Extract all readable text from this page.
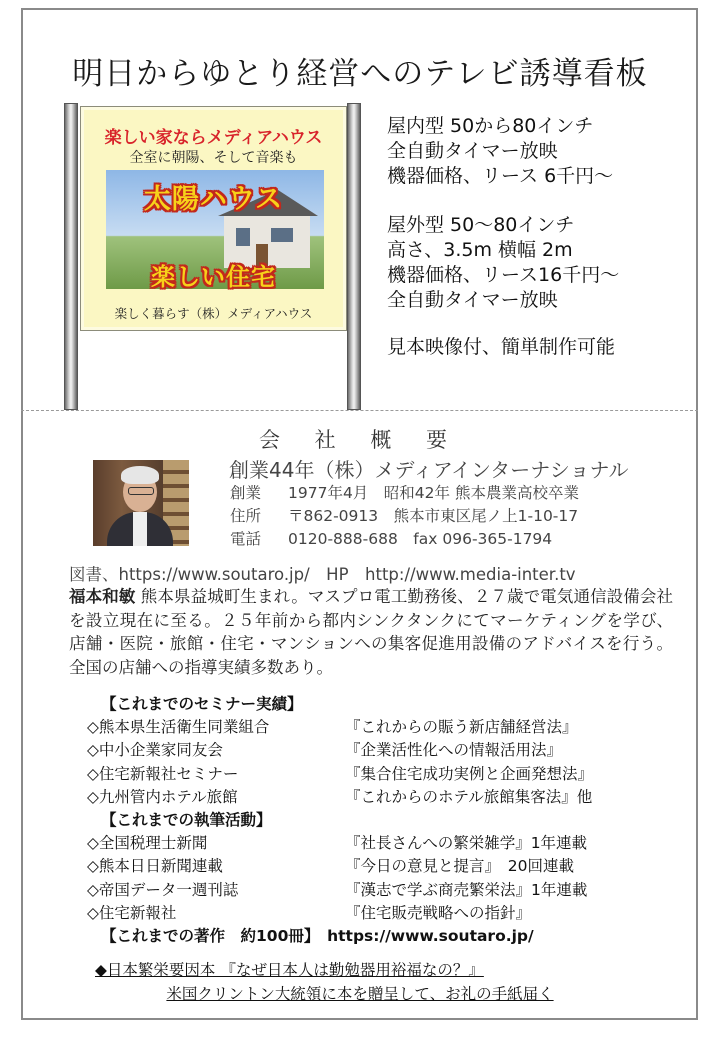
明日からゆとり経営へのテレビ誘導看板
楽しい家ならメディアハウス
全室に朝陽、そして音楽も
太陽ハウス
楽しい住宅
楽しく暮らす（株）メディアハウス
屋内型 50から80インチ
全自動タイマー放映
機器価格、リース 6千円～
屋外型 50～80インチ
高さ、3.5m 横幅 2m
機器価格、リース16千円～
全自動タイマー放映
見本映像付、簡単制作可能
会 社 概 要
創業44年（株）メディアインターナショナル
創業 1977年4月　昭和42年 熊本農業高校卒業
住所 〒862-0913　熊本市東区尾ノ上1-10-17
電話 0120-888-688　fax 096-365-1794
図書、https://www.soutaro.jp/　HP　http://www.media-inter.tv
福本和敏 熊本県益城町生まれ。マスプロ電工勤務後、２７歳で電気通信設備会社を設立現在に至る。２５年前から都内シンクタンクにてマーケティングを学び、店舗・医院・旅館・住宅・マンションへの集客促進用設備のアドバイスを行う。全国の店舗への指導実績多数あり。
【これまでのセミナー実績】
◇熊本県生活衛生同業組合	『これからの賑う新店舗経営法』
◇中小企業家同友会	『企業活性化への情報活用法』
◇住宅新報社セミナー	『集合住宅成功実例と企画発想法』
◇九州管内ホテル旅館	『これからのホテル旅館集客法』他
【これまでの執筆活動】
◇全国税理士新聞	『社長さんへの繁栄雑学』1年連載
◇熊本日日新聞連載	『今日の意見と提言』　20回連載
◇帝国データ一週刊誌	『漢志で学ぶ商売繁栄法』1年連載
◇住宅新報社	『住宅販売戦略への指針』
【これまでの著作　約100冊】　https://www.soutaro.jp/
◆日本繁栄要因本 『なぜ日本人は勤勉器用裕福なの？』
米国クリントン大統領に本を贈呈して、お礼の手紙届く
